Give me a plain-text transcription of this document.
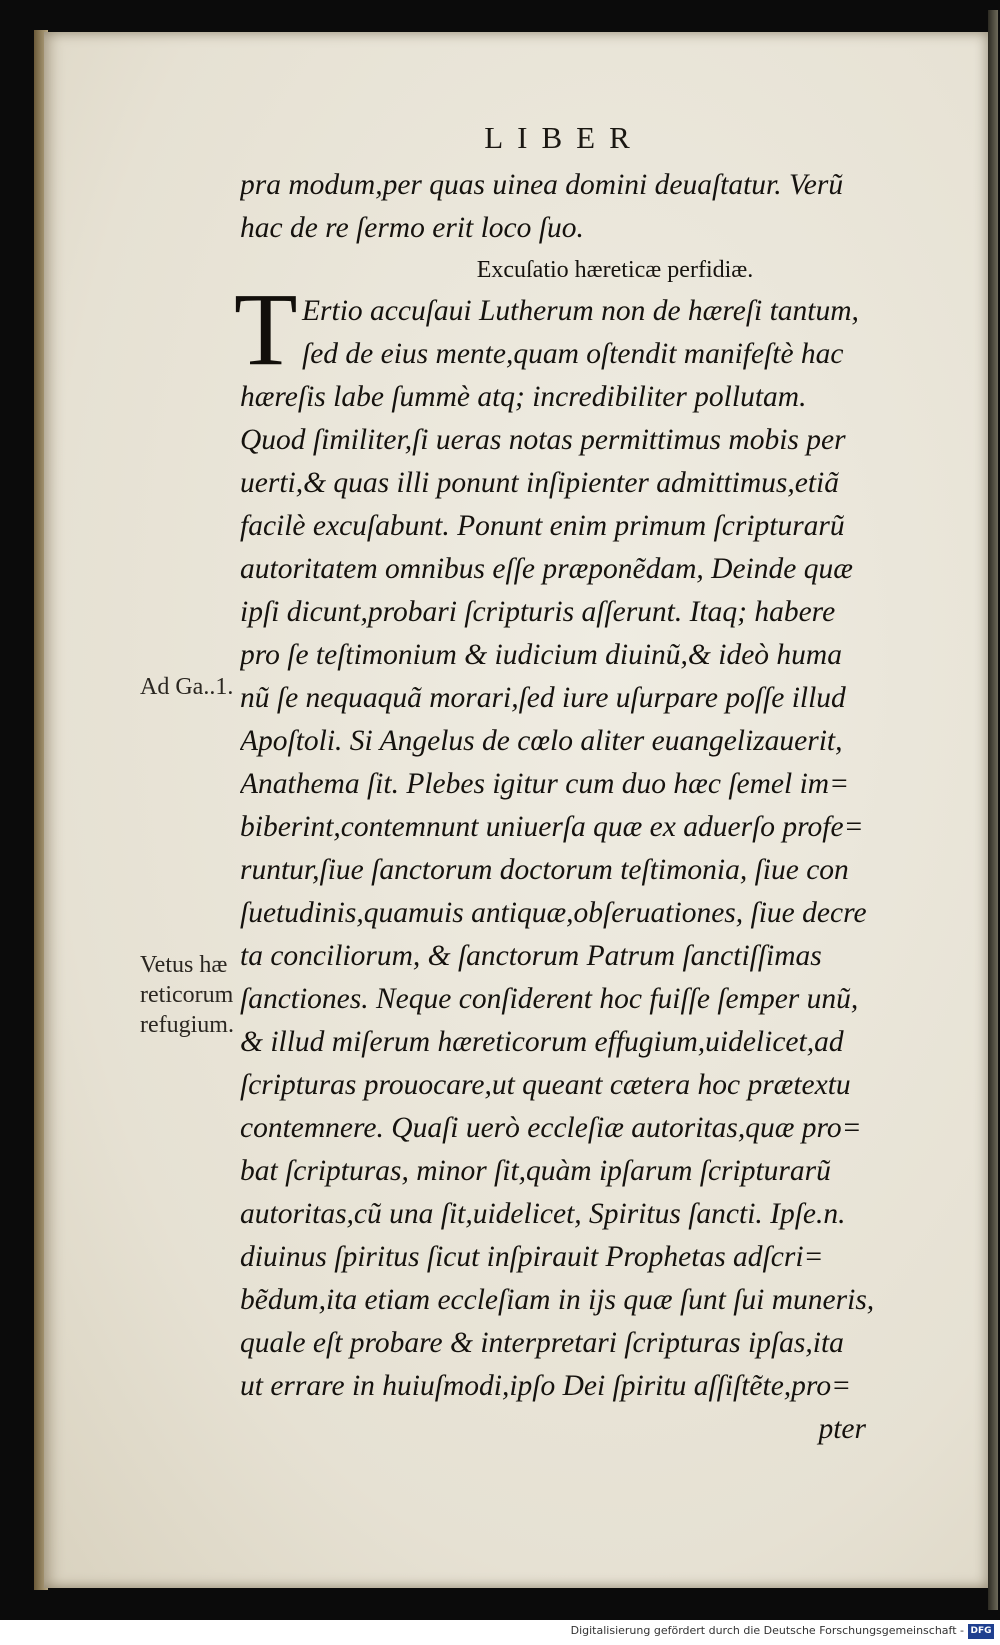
LIBER
pra modum,per quas uinea domini deuaſtatur. Verũ
hac de re ſermo erit loco ſuo.
Excuſatio hæreticæ perfidiæ.
T Ertio accuſaui Lutherum non de hæreſi tantum,
ſed de eius mente,quam oſtendit manifeſtè hac
hæreſis labe ſummè atq; incredibiliter pollutam.
Quod ſimiliter,ſi ueras notas permittimus mobis per
uerti,& quas illi ponunt inſipienter admittimus,etiã
facilè excuſabunt. Ponunt enim primum ſcripturarũ
autoritatem omnibus eſſe præponẽdam, Deinde quæ
ipſi dicunt,probari ſcripturis aſſerunt. Itaq; habere
pro ſe teſtimonium & iudicium diuinũ,& ideò huma
nũ ſe nequaquã morari,ſed iure uſurpare poſſe illud
Apoſtoli. Si Angelus de cœlo aliter euangelizauerit,
Anathema ſit. Plebes igitur cum duo hæc ſemel im=
biberint,contemnunt uniuerſa quæ ex aduerſo profe=
runtur,ſiue ſanctorum doctorum teſtimonia, ſiue con
ſuetudinis,quamuis antiquæ,obſeruationes, ſiue decre
ta conciliorum, & ſanctorum Patrum ſanctiſſimas
ſanctiones. Neque conſiderent hoc fuiſſe ſemper unũ,
& illud miſerum hæreticorum effugium,uidelicet,ad
ſcripturas prouocare,ut queant cætera hoc prætextu
contemnere. Quaſi uerò eccleſiæ autoritas,quæ pro=
bat ſcripturas, minor ſit,quàm ipſarum ſcripturarũ
autoritas,cũ una ſit,uidelicet, Spiritus ſancti. Ipſe.n.
diuinus ſpiritus ſicut inſpirauit Prophetas adſcri=
bẽdum,ita etiam eccleſiam in ijs quæ ſunt ſui muneris,
quale eſt probare & interpretari ſcripturas ipſas,ita
ut errare in huiuſmodi,ipſo Dei ſpiritu aſſiſtẽte,pro=
pter
Ad Ga..1.
Vetus hæ
reticorum
refugium.
Digitalisierung gefördert durch die Deutsche Forschungsgemeinschaft - DFG
